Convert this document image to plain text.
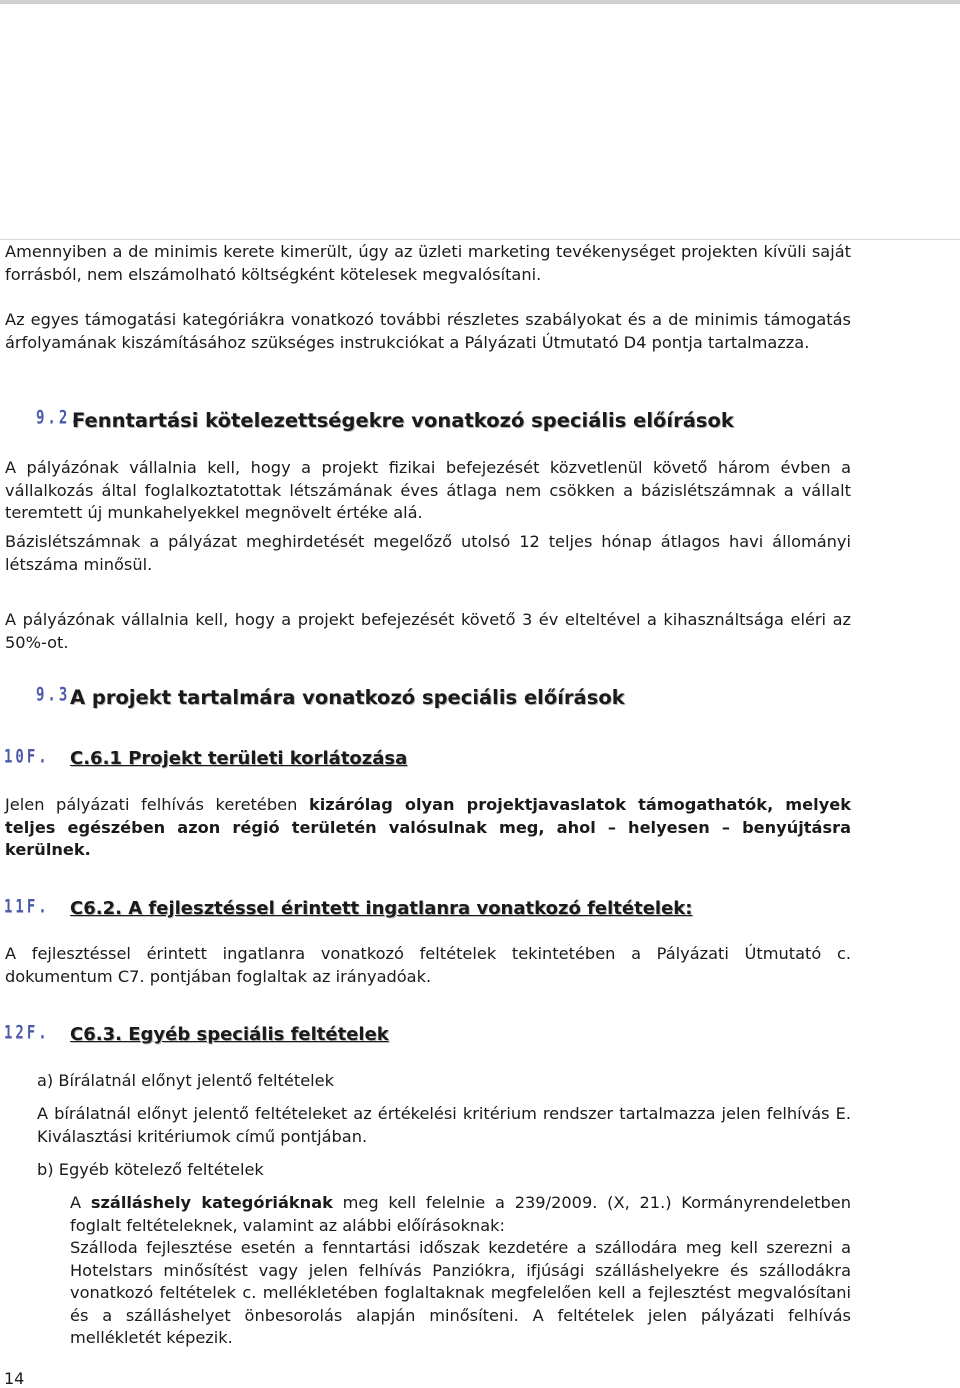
Amennyiben a de minimis kerete kimerült, úgy az üzleti marketing tevékenységet projekten kívüli saját forrásból, nem elszámolható költségként kötelesek megvalósítani.

Az egyes támogatási kategóriákra vonatkozó további részletes szabályokat és a de minimis támogatás árfolyamának kiszámításához szükséges instrukciókat a Pályázati Útmutató D4 pontja tartalmazza.

9.2.
Fenntartási kötelezettségekre vonatkozó speciális előírások

A pályázónak vállalnia kell, hogy a projekt fizikai befejezését közvetlenül követő három évben a vállalkozás által foglalkoztatottak létszámának éves átlaga nem csökken a bázislétszámnak a vállalt teremtett új munkahelyekkel megnövelt értéke alá.

Bázislétszámnak a pályázat meghirdetését megelőző utolsó 12 teljes hónap átlagos havi állományi létszáma minősül.

A pályázónak vállalnia kell, hogy a projekt befejezését követő 3 év elteltével a kihasználtsága eléri az 50%-ot.

9.3.
A projekt tartalmára vonatkozó speciális előírások
10F. C.6.1 Projekt területi korlátozása

Jelen pályázati felhívás keretében kizárólag olyan projektjavaslatok támogathatók, melyek teljes egészében azon régió területén valósulnak meg, ahol – helyesen – benyújtásra kerülnek.

11F. C6.2. A fejlesztéssel érintett ingatlanra vonatkozó feltételek:

A fejlesztéssel érintett ingatlanra vonatkozó feltételek tekintetében a Pályázati Útmutató c. dokumentum C7. pontjában foglaltak az irányadóak.

12F. C6.3. Egyéb speciális feltételek

a) Bírálatnál előnyt jelentő feltételek

A bírálatnál előnyt jelentő feltételeket az értékelési kritérium rendszer tartalmazza jelen felhívás E. Kiválasztási kritériumok című pontjában.

b) Egyéb kötelező feltételek

A szálláshely kategóriáknak meg kell felelnie a 239/2009. (X, 21.) Kormányrendeletben foglalt feltételeknek, valamint az alábbi előírásoknak:

Szálloda fejlesztése esetén a fenntartási időszak kezdetére a szállodára meg kell szerezni a Hotelstars minősítést vagy jelen felhívás Panziókra, ifjúsági szálláshelyekre és szállodákra vonatkozó feltételek c. mellékletében foglaltaknak megfelelően kell a fejlesztést megvalósítani és a szálláshelyet önbesorolás alapján minősíteni. A feltételek jelen pályázati felhívás mellékletét képezik.

14
